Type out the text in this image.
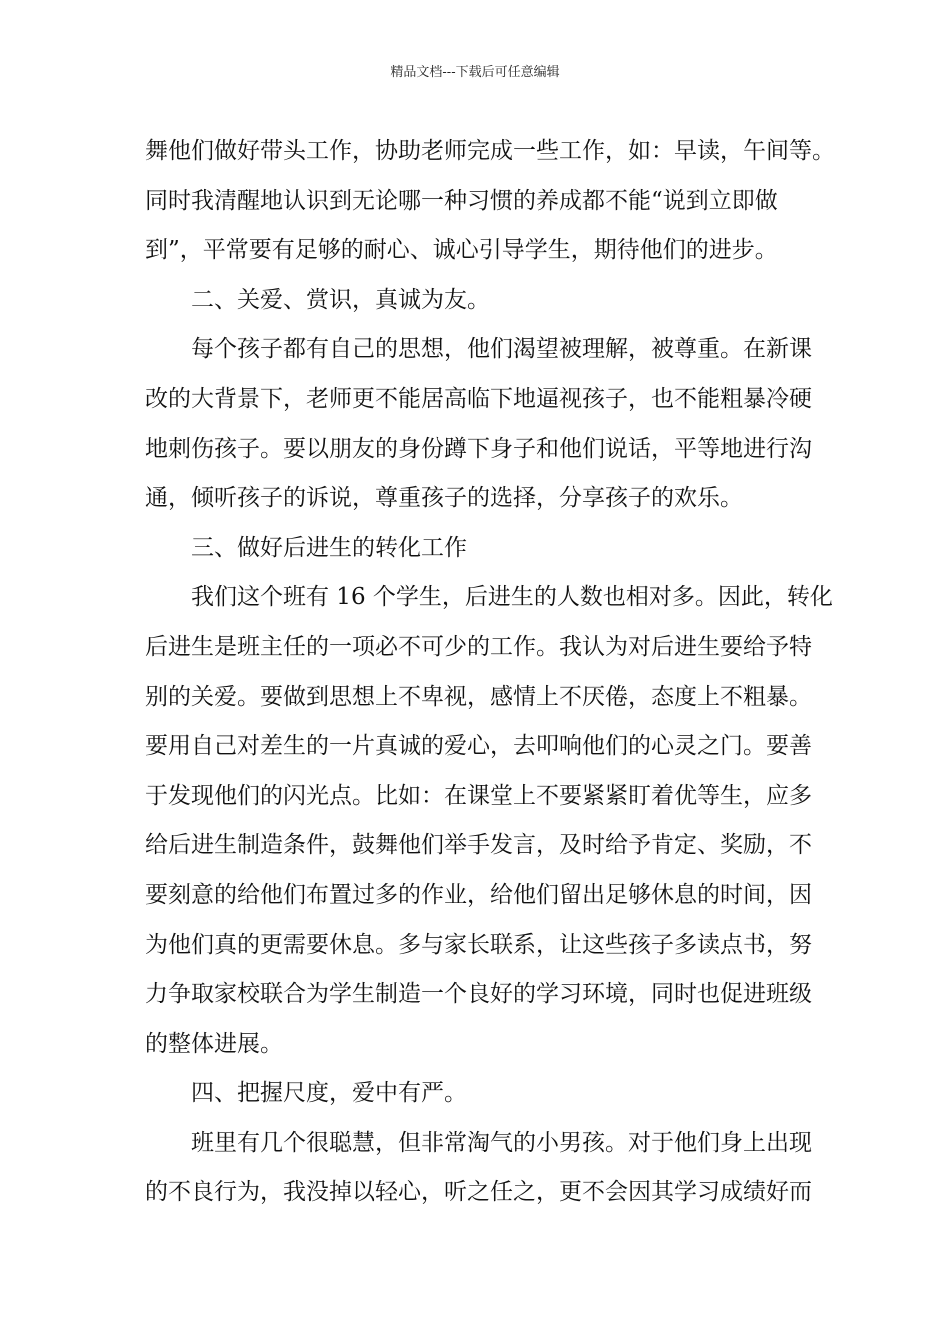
精品文档---下载后可任意编辑
舞他们做好带头工作，协助老师完成一些工作，如：早读，午间等。
同时我清醒地认识到无论哪一种习惯的养成都不能“说到立即做
到”，平常要有足够的耐心、诚心引导学生，期待他们的进步。
二、关爱、赏识，真诚为友。
每个孩子都有自己的思想，他们渴望被理解，被尊重。在新课
改的大背景下，老师更不能居高临下地逼视孩子，也不能粗暴冷硬
地刺伤孩子。要以朋友的身份蹲下身子和他们说话，平等地进行沟
通，倾听孩子的诉说，尊重孩子的选择，分享孩子的欢乐。
三、做好后进生的转化工作
我们这个班有 16 个学生，后进生的人数也相对多。因此，转化
后进生是班主任的一项必不可少的工作。我认为对后进生要给予特
别的关爱。要做到思想上不卑视，感情上不厌倦，态度上不粗暴。
要用自己对差生的一片真诚的爱心，去叩响他们的心灵之门。要善
于发现他们的闪光点。比如：在课堂上不要紧紧盯着优等生，应多
给后进生制造条件，鼓舞他们举手发言，及时给予肯定、奖励，不
要刻意的给他们布置过多的作业，给他们留出足够休息的时间，因
为他们真的更需要休息。多与家长联系，让这些孩子多读点书，努
力争取家校联合为学生制造一个良好的学习环境，同时也促进班级
的整体进展。
四、把握尺度，爱中有严。
班里有几个很聪慧，但非常淘气的小男孩。对于他们身上出现
的不良行为，我没掉以轻心，听之任之，更不会因其学习成绩好而
